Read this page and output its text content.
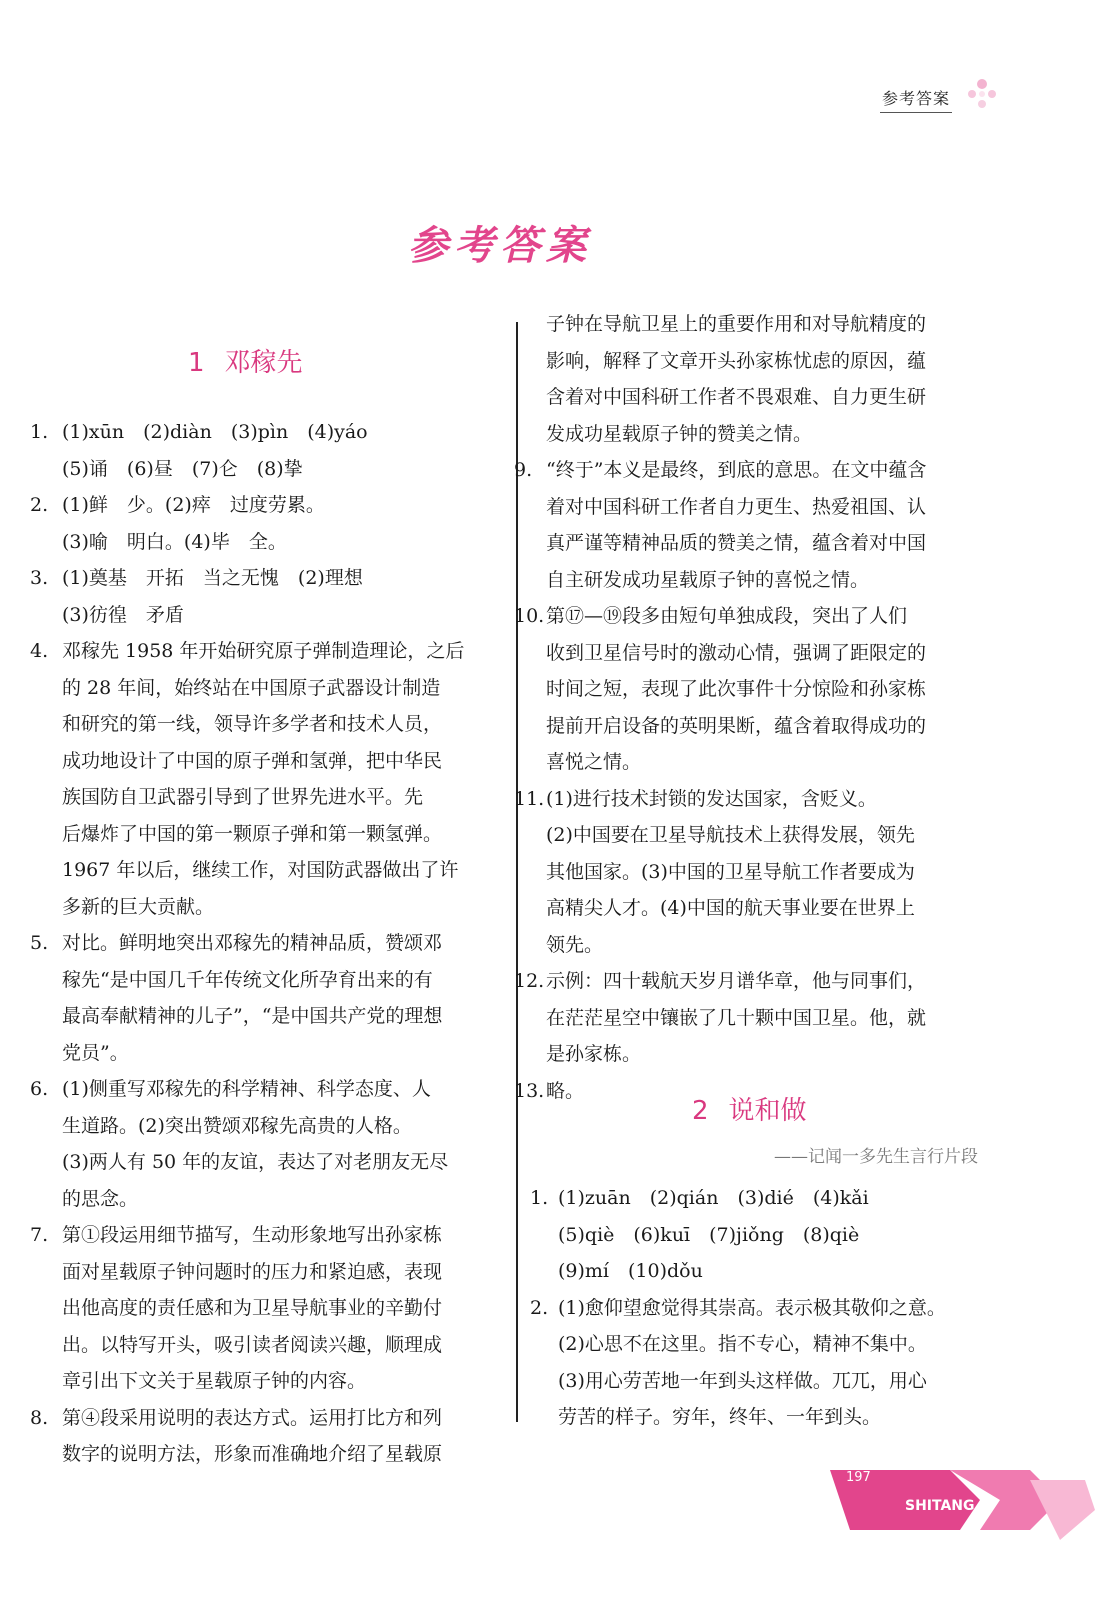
参考答案
参考答案
1 邓稼先
2 说和做
——记闻一多先生言行片段
1. (1)xūn　(2)diàn　(3)pìn　(4)yáo
(5)诵　(6)昼　(7)仑　(8)挚
2. (1)鲜　少。(2)瘁　过度劳累。
(3)喻　明白。(4)毕　全。
3. (1)奠基　开拓　当之无愧　(2)理想
(3)彷徨　矛盾
4. 邓稼先 1958 年开始研究原子弹制造理论，之后
的 28 年间，始终站在中国原子武器设计制造
和研究的第一线，领导许多学者和技术人员，
成功地设计了中国的原子弹和氢弹，把中华民
族国防自卫武器引导到了世界先进水平。先
后爆炸了中国的第一颗原子弹和第一颗氢弹。
1967 年以后，继续工作，对国防武器做出了许
多新的巨大贡献。
5. 对比。鲜明地突出邓稼先的精神品质，赞颂邓
稼先“是中国几千年传统文化所孕育出来的有
最高奉献精神的儿子”，“是中国共产党的理想
党员”。
6. (1)侧重写邓稼先的科学精神、科学态度、人
生道路。(2)突出赞颂邓稼先高贵的人格。
(3)两人有 50 年的友谊，表达了对老朋友无尽
的思念。
7. 第①段运用细节描写，生动形象地写出孙家栋
面对星载原子钟问题时的压力和紧迫感，表现
出他高度的责任感和为卫星导航事业的辛勤付
出。以特写开头，吸引读者阅读兴趣，顺理成
章引出下文关于星载原子钟的内容。
8. 第④段采用说明的表达方式。运用打比方和列
数字的说明方法，形象而准确地介绍了星载原
子钟在导航卫星上的重要作用和对导航精度的
影响，解释了文章开头孙家栋忧虑的原因，蕴
含着对中国科研工作者不畏艰难、自力更生研
发成功星载原子钟的赞美之情。
9. “终于”本义是最终，到底的意思。在文中蕴含
着对中国科研工作者自力更生、热爱祖国、认
真严谨等精神品质的赞美之情，蕴含着对中国
自主研发成功星载原子钟的喜悦之情。
10. 第⑰—⑲段多由短句单独成段，突出了人们
收到卫星信号时的激动心情，强调了距限定的
时间之短，表现了此次事件十分惊险和孙家栋
提前开启设备的英明果断，蕴含着取得成功的
喜悦之情。
11. (1)进行技术封锁的发达国家，含贬义。
(2)中国要在卫星导航技术上获得发展，领先
其他国家。(3)中国的卫星导航工作者要成为
高精尖人才。(4)中国的航天事业要在世界上
领先。
12. 示例：四十载航天岁月谱华章，他与同事们，
在茫茫星空中镶嵌了几十颗中国卫星。他，就
是孙家栋。
13. 略。
1. (1)zuān　(2)qián　(3)dié　(4)kǎi
(5)qiè　(6)kuī　(7)jiǒng　(8)qiè
(9)mí　(10)dǒu
2. (1)愈仰望愈觉得其崇高。表示极其敬仰之意。
(2)心思不在这里。指不专心，精神不集中。
(3)用心劳苦地一年到头这样做。兀兀，用心
劳苦的样子。穷年，终年、一年到头。
SHITANG
197
